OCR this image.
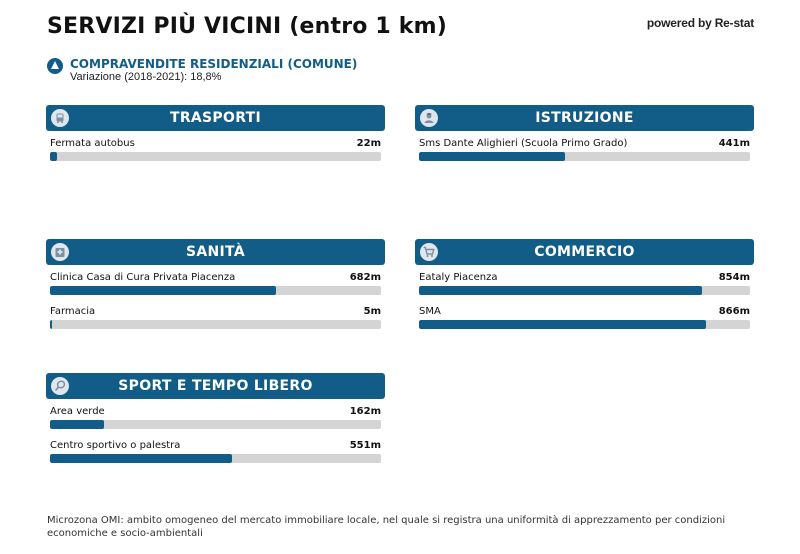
SERVIZI PIÙ VICINI (entro 1 km)	powered by Re-stat
COMPRAVENDITE RESIDENZIALI (COMUNE)
Variazione (2018-2021): 18,8%
TRASPORTI
Fermata autobus	22m
ISTRUZIONE
Sms Dante Alighieri (Scuola Primo Grado)	441m
SANITÀ
Clinica Casa di Cura Privata Piacenza	682m
Farmacia	5m
COMMERCIO
Eataly Piacenza	854m
SMA	866m
SPORT E TEMPO LIBERO
Area verde	162m
Centro sportivo o palestra	551m
Microzona OMI: ambito omogeneo del mercato immobiliare locale, nel quale si registra una uniformità di apprezzamento per condizioni economiche e socio-ambientali
